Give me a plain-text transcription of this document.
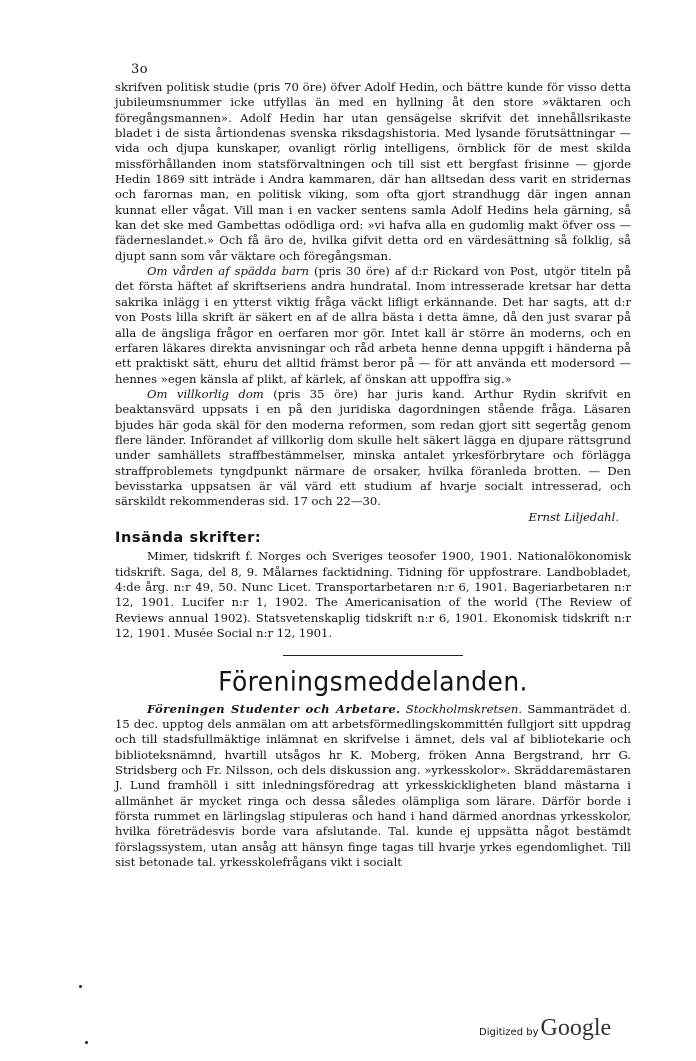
3o

skrifven politisk studie (pris 70 öre) öfver Adolf Hedin, och bättre kunde för visso detta jubileumsnummer icke utfyllas än med en hyllning åt den store »väktaren och föregångsmannen». Adolf Hedin har utan gensägelse skrifvit det innehållsrikaste bladet i de sista årtiondenas svenska riksdagshistoria. Med lysande förutsättningar — vida och djupa kunskaper, ovanligt rörlig intelligens, örnblick för de mest skilda missförhållanden inom statsförvaltningen och till sist ett bergfast frisinne — gjorde Hedin 1869 sitt inträde i Andra kammaren, där han alltsedan dess varit en stridernas och farornas man, en politisk viking, som ofta gjort strandhugg där ingen annan kunnat eller vågat. Vill man i en vacker sentens samla Adolf Hedins hela gärning, så kan det ske med Gambettas odödliga ord: »vi hafva alla en gudomlig makt öfver oss — fäderneslandet.» Och få äro de, hvilka gifvit detta ord en värdesättning så folklig, så djupt sann som vår väktare och föregångsman.

Om vården af spädda barn (pris 30 öre) af d:r Rickard von Post, utgör titeln på det första häftet af skriftseriens andra hundratal. Inom intresserade kretsar har detta sakrika inlägg i en ytterst viktig fråga väckt lifligt erkännande. Det har sagts, att d:r von Posts lilla skrift är säkert en af de allra bästa i detta ämne, då den just svarar på alla de ängsliga frågor en oerfaren mor gör. Intet kall är större än moderns, och en erfaren läkares direkta anvisningar och råd arbeta henne denna uppgift i händerna på ett praktiskt sätt, ehuru det alltid främst beror på — för att använda ett modersord — hennes »egen känsla af plikt, af kärlek, af önskan att uppoffra sig.»

Om villkorlig dom (pris 35 öre) har juris kand. Arthur Rydin skrifvit en beaktansvärd uppsats i en på den juridiska dagordningen stående fråga. Läsaren bjudes här goda skäl för den moderna reformen, som redan gjort sitt segertåg genom flere länder. Införandet af villkorlig dom skulle helt säkert lägga en djupare rättsgrund under samhällets straffbestämmelser, minska antalet yrkesförbrytare och förlägga straffproblemets tyngdpunkt närmare de orsaker, hvilka föranleda brotten. — Den bevisstarka uppsatsen är väl värd ett studium af hvarje socialt intresserad, och särskildt rekommenderas sid. 17 och 22—30.

Ernst Liljedahl.
Insända skrifter:

Mimer, tidskrift f. Norges och Sveriges teosofer 1900, 1901. Nationalökonomisk tidskrift. Saga, del 8, 9. Målarnes facktidning. Tidning för uppfostrare. Landbobladet, 4:de årg. n:r 49, 50. Nunc Licet. Transportarbetaren n:r 6, 1901. Bageriarbetaren n:r 12, 1901. Lucifer n:r 1, 1902. The Americanisation of the world (The Review of Reviews annual 1902). Statsvetenskaplig tidskrift n:r 6, 1901. Ekonomisk tidskrift n:r 12, 1901. Musée Social n:r 12, 1901.

Föreningsmeddelanden.

Föreningen Studenter och Arbetare. Stockholmskretsen. Sammanträdet d. 15 dec. upptog dels anmälan om att arbetsförmedlingskommittén fullgjort sitt uppdrag och till stadsfullmäktige inlämnat en skrifvelse i ämnet, dels val af bibliotekarie och biblioteksnämnd, hvartill utsågos hr K. Moberg, fröken Anna Bergstrand, hrr G. Stridsberg och Fr. Nilsson, och dels diskussion ang. »yrkesskolor». Skräddaremästaren J. Lund framhöll i sitt inledningsföredrag att yrkesskickligheten bland mästarna i allmänhet är mycket ringa och dessa således olämpliga som lärare. Därför borde i första rummet en lärlingslag stipuleras och hand i hand därmed anordnas yrkesskolor, hvilka företrädesvis borde vara afslutande. Tal. kunde ej uppsätta något bestämdt förslagssystem, utan ansåg att hänsyn finge tagas till hvarje yrkes egendomlighet. Till sist betonade tal. yrkesskolefrågans vikt i socialt

Digitized by Google
